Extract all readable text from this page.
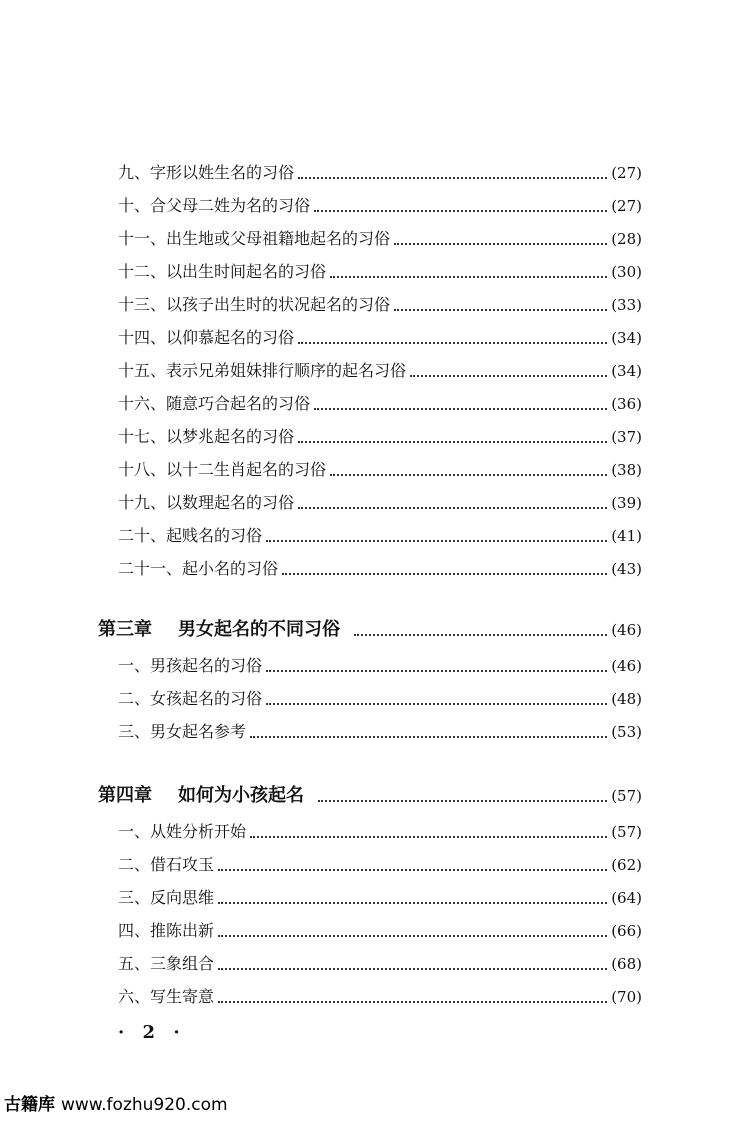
九、字形以姓生名的习俗	(27)
十、合父母二姓为名的习俗	(27)
十一、出生地或父母祖籍地起名的习俗	(28)
十二、以出生时间起名的习俗	(30)
十三、以孩子出生时的状况起名的习俗	(33)
十四、以仰慕起名的习俗	(34)
十五、表示兄弟姐妹排行顺序的起名习俗	(34)
十六、随意巧合起名的习俗	(36)
十七、以梦兆起名的习俗	(37)
十八、以十二生肖起名的习俗	(38)
十九、以数理起名的习俗	(39)
二十、起贱名的习俗	(41)
二十一、起小名的习俗	(43)
第三章 男女起名的不同习俗	(46)
一、男孩起名的习俗	(46)
二、女孩起名的习俗	(48)
三、男女起名参考	(53)
第四章 如何为小孩起名	(57)
一、从姓分析开始	(57)
二、借石攻玉	(62)
三、反向思维	(64)
四、推陈出新	(66)
五、三象组合	(68)
六、写生寄意	(70)
· 2 ·
古籍库 www.fozhu920.com
